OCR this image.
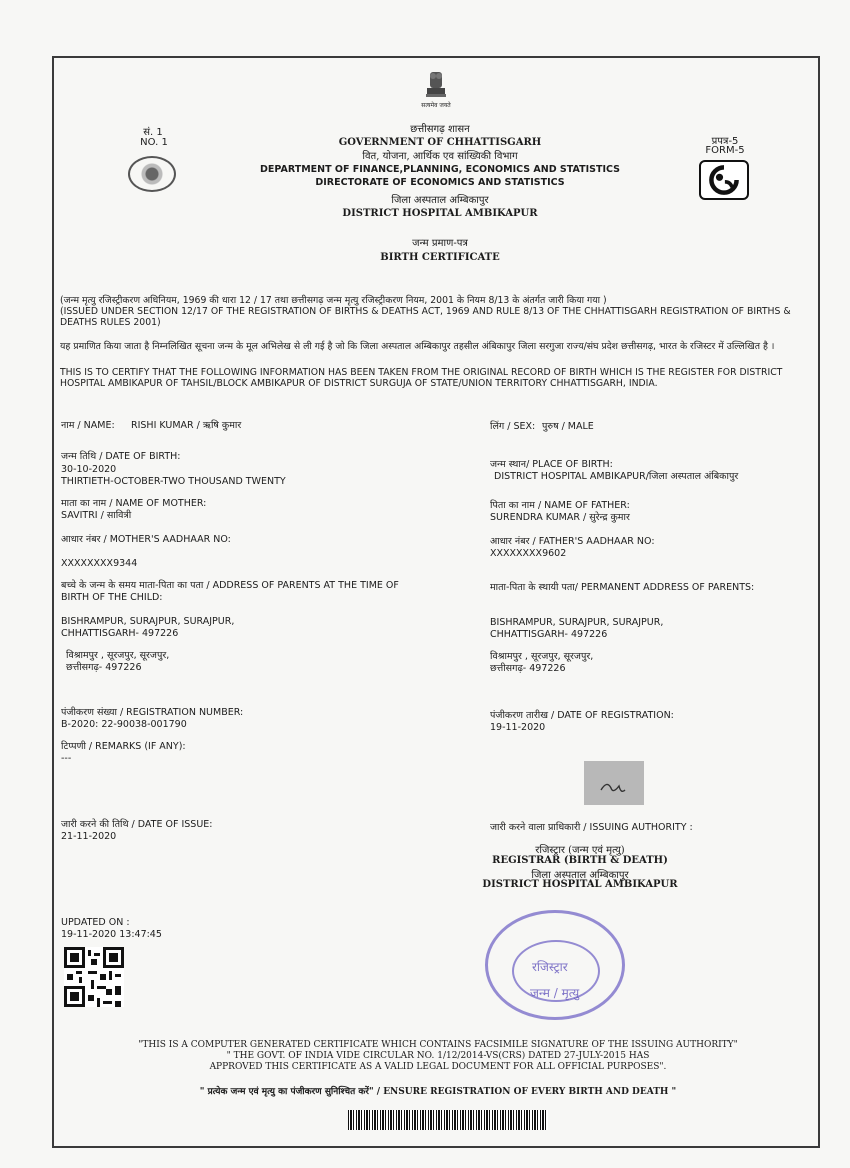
सं. 1
NO. 1
सत्यमेव जयते
प्रपत्र-5
FORM-5
छत्तीसगढ़ शासन
GOVERNMENT OF CHHATTISGARH
वित, योजना, आर्थिक एव सांख्यिकी विभाग
DEPARTMENT OF FINANCE,PLANNING, ECONOMICS AND STATISTICS
DIRECTORATE OF ECONOMICS AND STATISTICS
जिला अस्पताल अम्बिकापुर
DISTRICT HOSPITAL AMBIKAPUR
जन्म प्रमाण-पत्र
BIRTH CERTIFICATE
(जन्म मृत्यु रजिस्ट्रीकरण अधिनियम, 1969 की धारा 12 / 17 तथा छत्तीसगढ़ जन्म मृत्यु रजिस्ट्रीकरण नियम, 2001 के नियम 8/13 के अंतर्गत जारी किया गया )
(ISSUED UNDER SECTION 12/17 OF THE REGISTRATION OF BIRTHS & DEATHS ACT, 1969 AND RULE 8/13 OF THE CHHATTISGARH REGISTRATION OF BIRTHS & DEATHS RULES 2001)
यह प्रमाणित किया जाता है निम्नलिखित सूचना जन्म के मूल अभिलेख से ली गई है जो कि जिला अस्पताल अम्बिकापुर तहसील अंबिकापुर जिला सरगुजा राज्य/संघ प्रदेश छत्तीसगढ़, भारत के रजिस्टर में उल्लिखित है ।
THIS IS TO CERTIFY THAT THE FOLLOWING INFORMATION HAS BEEN TAKEN FROM THE ORIGINAL RECORD OF BIRTH WHICH IS THE REGISTER FOR DISTRICT HOSPITAL AMBIKAPUR OF TAHSIL/BLOCK AMBIKAPUR OF DISTRICT SURGUJA OF STATE/UNION TERRITORY CHHATTISGARH, INDIA.
नाम / NAME: RISHI KUMAR / ऋषि कुमार	लिंग / SEX: पुरुष / MALE
जन्म तिथि / DATE OF BIRTH:
30-10-2020
THIRTIETH-OCTOBER-TWO THOUSAND TWENTY
जन्म स्थान/ PLACE OF BIRTH:
DISTRICT HOSPITAL AMBIKAPUR/जिला अस्पताल अंबिकापुर
माता का नाम / NAME OF MOTHER:
SAVITRI / सावित्री
पिता का नाम / NAME OF FATHER:
SURENDRA KUMAR / सुरेन्द्र कुमार
आधार नंबर / MOTHER'S AADHAAR NO:
XXXXXXXX9344
आधार नंबर / FATHER'S AADHAAR NO:
XXXXXXXX9602
बच्चे के जन्म के समय माता-पिता का पता / ADDRESS OF PARENTS AT THE TIME OF
BIRTH OF THE CHILD:
BISHRAMPUR, SURAJPUR, SURAJPUR,
CHHATTISGARH- 497226
विश्रामपुर , सूरजपुर, सूरजपुर,
छत्तीसगढ़- 497226
माता-पिता के स्थायी पता/ PERMANENT ADDRESS OF PARENTS:
BISHRAMPUR, SURAJPUR, SURAJPUR,
CHHATTISGARH- 497226
विश्रामपुर , सूरजपुर, सूरजपुर,
छत्तीसगढ़- 497226
पंजीकरण संख्या / REGISTRATION NUMBER:
B-2020: 22-90038-001790
पंजीकरण तारीख / DATE OF REGISTRATION:
19-11-2020
टिप्पणी / REMARKS (IF ANY):
---
जारी करने की तिथि / DATE OF ISSUE:
21-11-2020
जारी करने वाला प्राधिकारी / ISSUING AUTHORITY :
रजिस्ट्रार (जन्म एवं मृत्यु)
REGISTRAR (BIRTH & DEATH)
जिला अस्पताल अम्बिकापुर
DISTRICT HOSPITAL AMBIKAPUR
UPDATED ON :
19-11-2020 13:47:45
रजिस्ट्रार
जन्म / मृत्यु
"THIS IS A COMPUTER GENERATED CERTIFICATE WHICH CONTAINS FACSIMILE SIGNATURE OF THE ISSUING AUTHORITY"
" THE GOVT. OF INDIA VIDE CIRCULAR NO. 1/12/2014-VS(CRS) DATED 27-JULY-2015 HAS
APPROVED THIS CERTIFICATE AS A VALID LEGAL DOCUMENT FOR ALL OFFICIAL PURPOSES".
" प्रत्येक जन्म एवं मृत्यु का पंजीकरण सुनिश्चित करें" / ENSURE REGISTRATION OF EVERY BIRTH AND DEATH "
